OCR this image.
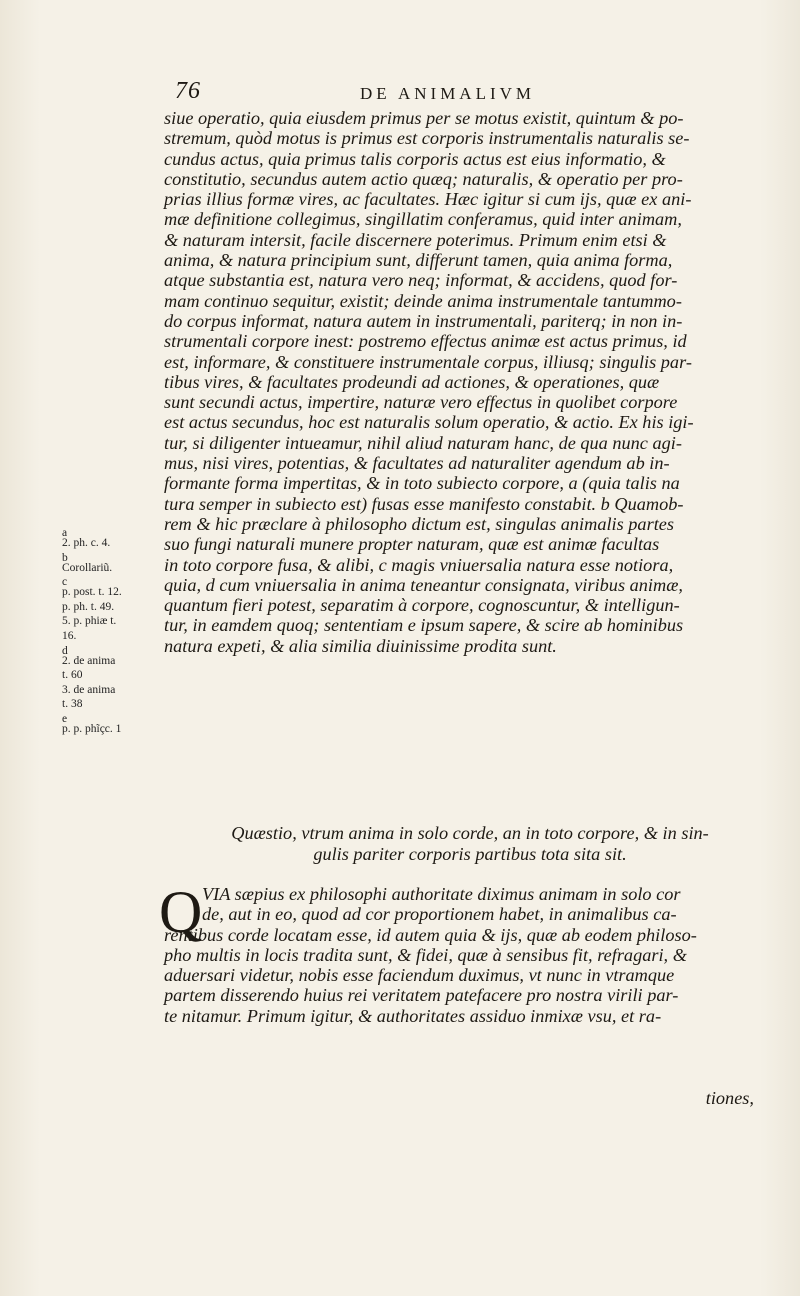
76	DE ANIMALIVM
siue operatio, quia eiusdem primus per se motus existit, quintum & po-
stremum, quòd motus is primus est corporis instrumentalis naturalis se-
cundus actus, quia primus talis corporis actus est eius informatio, &
constitutio, secundus autem actio quæq; naturalis, & operatio per pro-
prias illius formæ vires, ac facultates. Hæc igitur si cum ijs, quæ ex ani-
mæ definitione collegimus, singillatim conferamus, quid inter animam,
& naturam intersit, facile discernere poterimus. Primum enim etsi &
anima, & natura principium sunt, differunt tamen, quia anima forma,
atque substantia est, natura vero neq; informat, & accidens, quod for-
mam continuo sequitur, existit; deinde anima instrumentale tantummo-
do corpus informat, natura autem in instrumentali, pariterq; in non in-
strumentali corpore inest: postremo effectus animæ est actus primus, id
est, informare, & constituere instrumentale corpus, illiusq; singulis par-
tibus vires, & facultates prodeundi ad actiones, & operationes, quæ
sunt secundi actus, impertire, naturæ vero effectus in quolibet corpore
est actus secundus, hoc est naturalis solum operatio, & actio. Ex his igi-
tur, si diligenter intueamur, nihil aliud naturam hanc, de qua nunc agi-
mus, nisi vires, potentias, & facultates ad naturaliter agendum ab in-
formante forma impertitas, & in toto subiecto corpore, a (quia talis na
tura semper in subiecto est) fusas esse manifesto constabit. b Quamob-
rem & hic præclare à philosopho dictum est, singulas animalis partes
suo fungi naturali munere propter naturam, quæ est animæ facultas
in toto corpore fusa, & alibi, c magis vniuersalia natura esse notiora,
quia, d cum vniuersalia in anima teneantur consignata, viribus animæ,
quantum fieri potest, separatim à corpore, cognoscuntur, & intelligun-
tur, in eamdem quoq; sententiam e ipsum sapere, & scire ab hominibus
natura expeti, & alia similia diuinissime prodita sunt.
Quæstio, vtrum anima in solo corde, an in toto corpore, & in sin-
gulis pariter corporis partibus tota sita sit.
Q VIA sæpius ex philosophi authoritate diximus animam in solo cor
de, aut in eo, quod ad cor proportionem habet, in animalibus ca-
rentibus corde locatam esse, id autem quia & ijs, quæ ab eodem philoso-
pho multis in locis tradita sunt, & fidei, quæ à sensibus fit, refragari, &
aduersari videtur, nobis esse faciendum duximus, vt nunc in vtramque
partem disserendo huius rei veritatem patefacere pro nostra virili par-
te nitamur. Primum igitur, & authoritates assiduo inmixæ vsu, et ra-
tiones,
a
2. ph. c. 4.
b
Corollariũ.
c
p. post. t. 12.
p. ph. t. 49.
5. p. phiæ t.
16.
d
2. de anima
t. 60
3. de anima
t. 38
e
p. p. phĩçc. 1
